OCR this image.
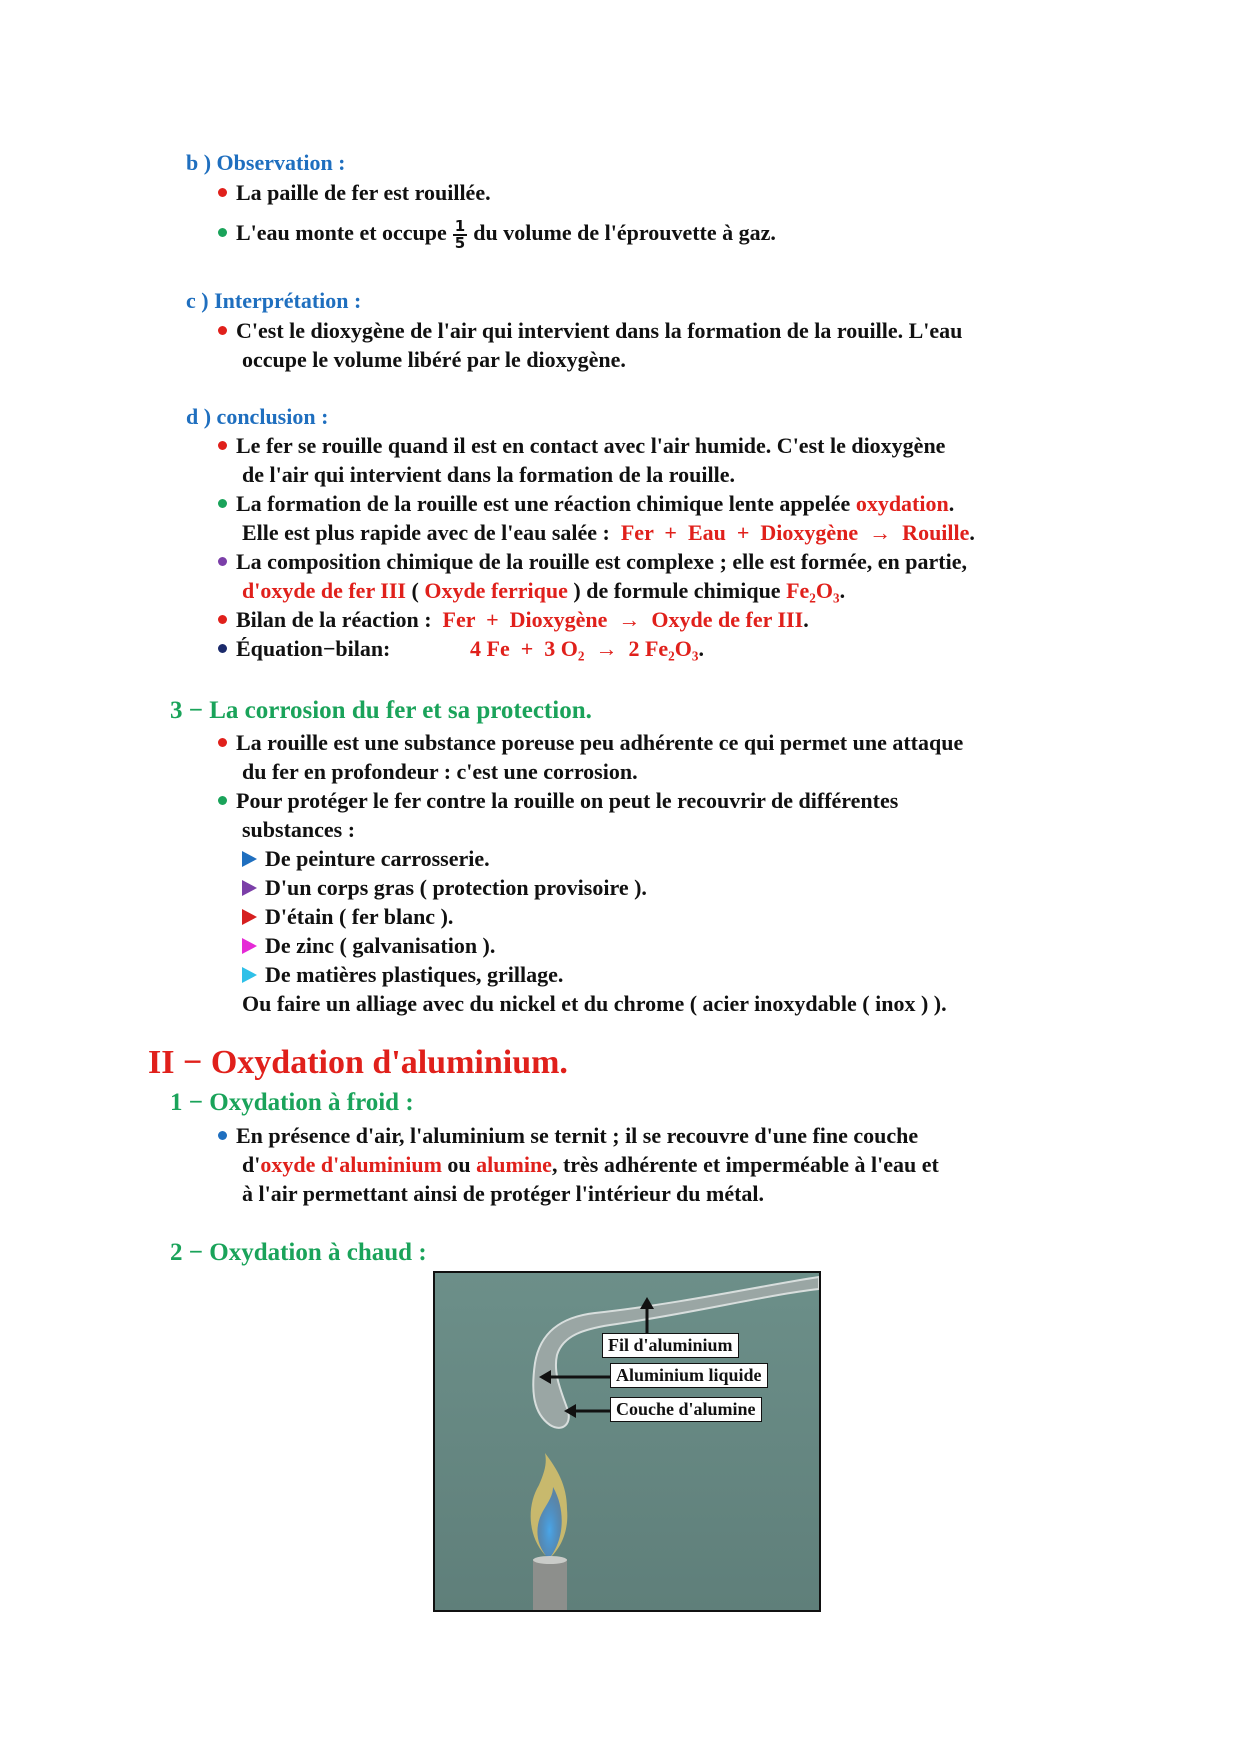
b ) Observation :
La paille de fer est rouillée.
L'eau monte et occupe $\frac{1}{5}$ du volume de l'éprouvette à gaz.
c ) Interprétation :
C'est le dioxygène de l'air qui intervient dans la formation de la rouille. L'eau
occupe le volume libéré par le dioxygène.
d ) conclusion :
Le fer se rouille quand il est en contact avec l'air humide. C'est le dioxygène
de l'air qui intervient dans la formation de la rouille.
La formation de la rouille est une réaction chimique lente appelée oxydation.
Elle est plus rapide avec de l'eau salée : Fer  +  Eau  +  Dioxygène  →  Rouille.
La composition chimique de la rouille est complexe ; elle est formée, en partie,
d'oxyde de fer III ( Oxyde ferrique ) de formule chimique Fe₂O₃.
Bilan de la réaction : Fer  +  Dioxygène  →  Oxyde de fer III.
Équation−bilan:	4 Fe  +  3 O₂  →  2 Fe₂O₃.
3 − La corrosion du fer et sa protection.
La rouille est une substance poreuse peu adhérente ce qui permet une attaque
du fer en profondeur : c'est une corrosion.
Pour protéger le fer contre la rouille on peut le recouvrir de différentes
substances :
De peinture carrosserie.
D'un corps gras ( protection provisoire ).
D'étain ( fer blanc ).
De zinc ( galvanisation ).
De matières plastiques, grillage.
Ou faire un alliage avec du nickel et du chrome ( acier inoxydable ( inox ) ).
II − Oxydation d'aluminium.
1 − Oxydation à froid :
En présence d'air, l'aluminium se ternit ; il se recouvre d'une fine couche
d'oxyde d'aluminium ou alumine, très adhérente et imperméable à l'eau et
à l'air permettant ainsi de protéger l'intérieur du métal.
2 − Oxydation à chaud :
Fil d'aluminium
Aluminium liquide
Couche d'alumine
